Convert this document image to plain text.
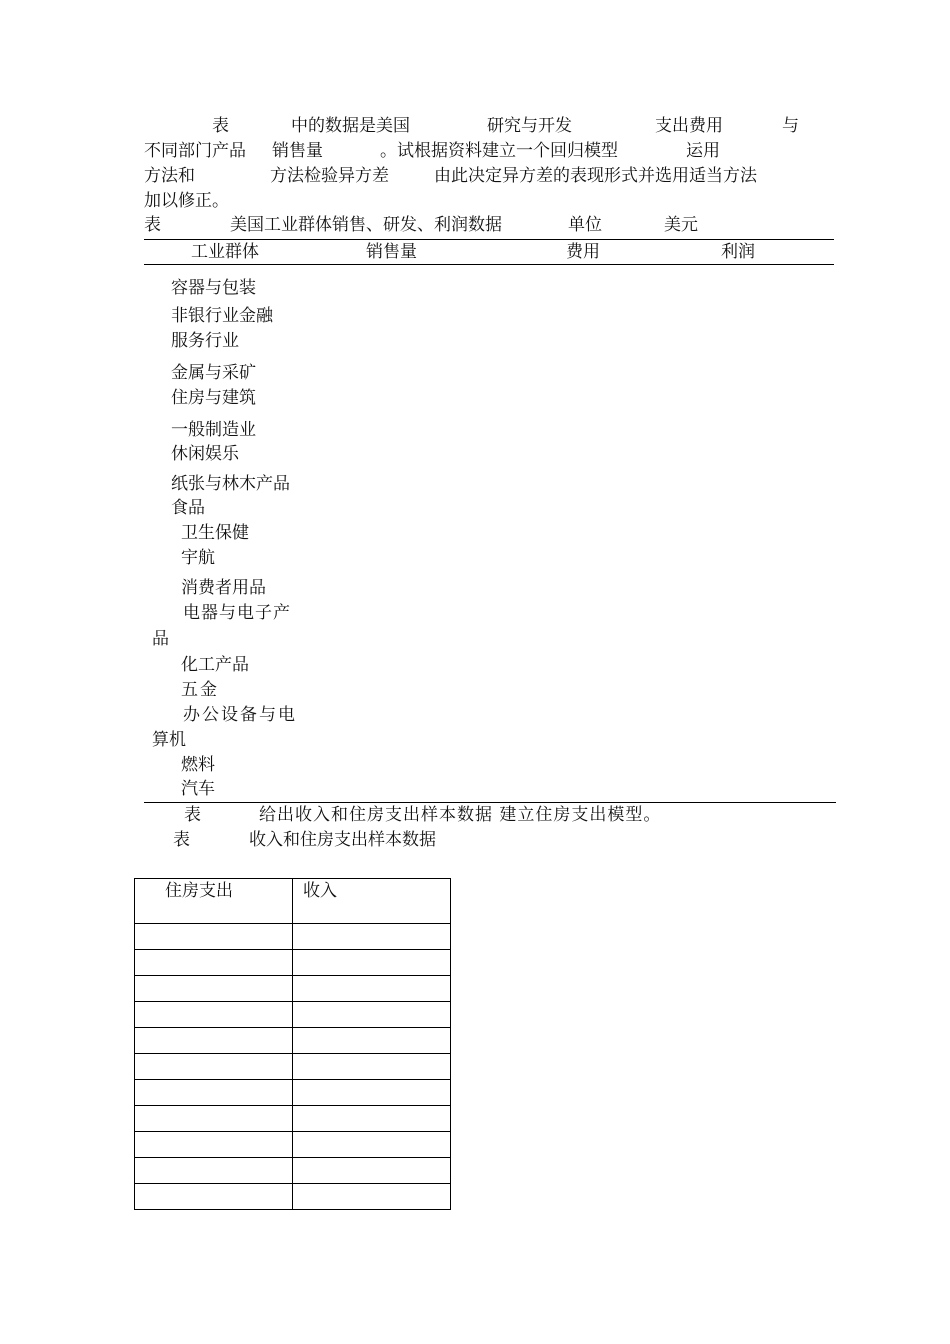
表	中的数据是美国	研究与开发	支出费用	与
不同部门产品 销售量	。试根据资料建立一个回归模型	运用
方法和	方法检验异方差	由此决定异方差的表现形式并选用适当方法
加以修正。
表	美国工业群体销售、研发、利润数据	单位	美元
工业群体	销售量	费用	利润
容器与包装
非银行业金融
服务行业
金属与采矿
住房与建筑
一般制造业
休闲娱乐
纸张与林木产品
食品
卫生保健
宇航
消费者用品
电器与电子产
品
化工产品
五金
办公设备与电
算机
燃料
汽车
表	给出收入和住房支出样本数据 建立住房支出模型。
表	收入和住房支出样本数据
住房支出	收入
